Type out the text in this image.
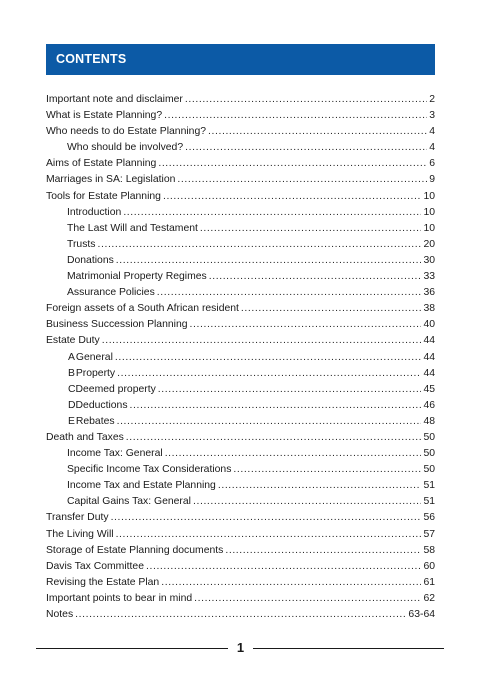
CONTENTS
Important note and disclaimer .....	2
What is Estate Planning? .....	3
Who needs to do Estate Planning? .....	4
Who should be involved? .....	4
Aims of Estate Planning .....	6
Marriages in SA: Legislation .....	9
Tools for Estate Planning .....	10
Introduction .....	10
The Last Will and Testament .....	10
Trusts .....	20
Donations .....	30
Matrimonial Property Regimes .....	33
Assurance Policies .....	36
Foreign assets of a South African resident .....	38
Business Succession Planning .....	40
Estate Duty .....	44
A General .....	44
B Property .....	44
C Deemed property .....	45
D Deductions .....	46
E Rebates .....	48
Death and Taxes .....	50
Income Tax: General .....	50
Specific Income Tax Considerations .....	50
Income Tax and Estate Planning .....	51
Capital Gains Tax: General .....	51
Transfer Duty .....	56
The Living Will .....	57
Storage of Estate Planning documents .....	58
Davis Tax Committee .....	60
Revising the Estate Plan .....	61
Important points to bear in mind .....	62
Notes .....	63-64
1
